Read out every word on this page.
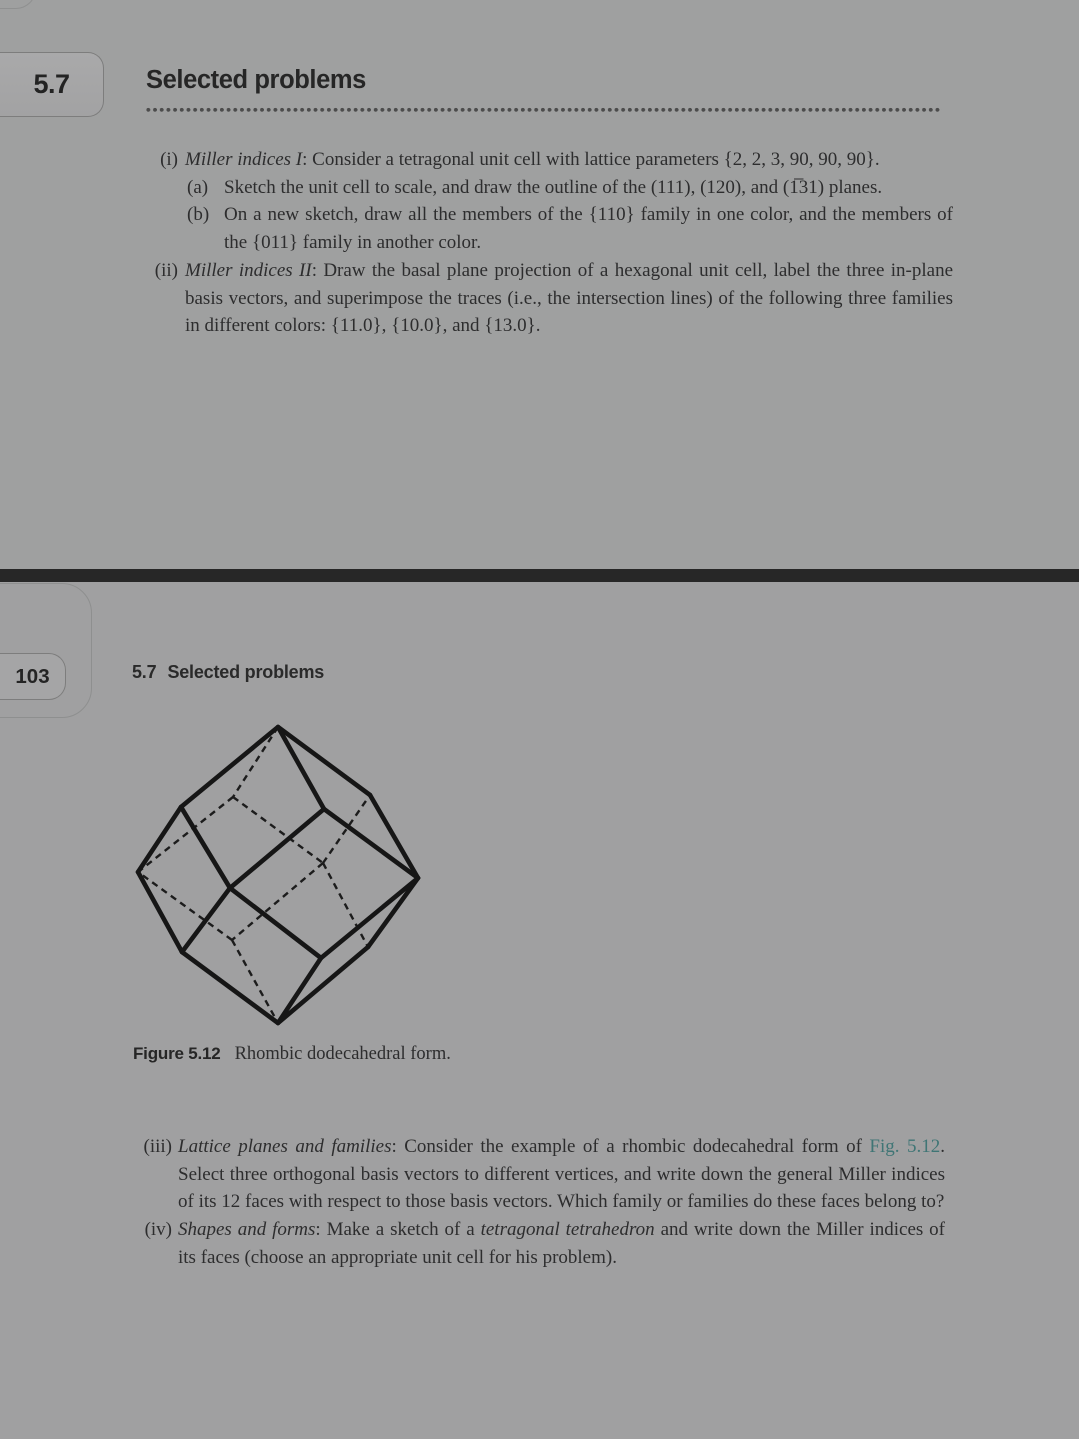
5.7	Selected problems
(i) Miller indices I: Consider a tetragonal unit cell with lattice parameters {2, 2, 3, 90, 90, 90}.
(a) Sketch the unit cell to scale, and draw the outline of the (111), (120), and (1̅31) planes.
(b) On a new sketch, draw all the members of the {110} family in one color, and the members of the {011} family in another color.
(ii) Miller indices II: Draw the basal plane projection of a hexagonal unit cell, label the three in-plane basis vectors, and superimpose the traces (i.e., the intersection lines) of the following three families in different colors: {11.0}, {10.0}, and {13.0}.
103	5.7 Selected problems

Figure 5.12 Rhombic dodecahedral form.

(iii) Lattice planes and families: Consider the example of a rhombic dodecahedral form of Fig. 5.12. Select three orthogonal basis vectors to different vertices, and write down the general Miller indices of its 12 faces with respect to those basis vectors. Which family or families do these faces belong to?
(iv) Shapes and forms: Make a sketch of a tetragonal tetrahedron and write down the Miller indices of its faces (choose an appropriate unit cell for his problem).
